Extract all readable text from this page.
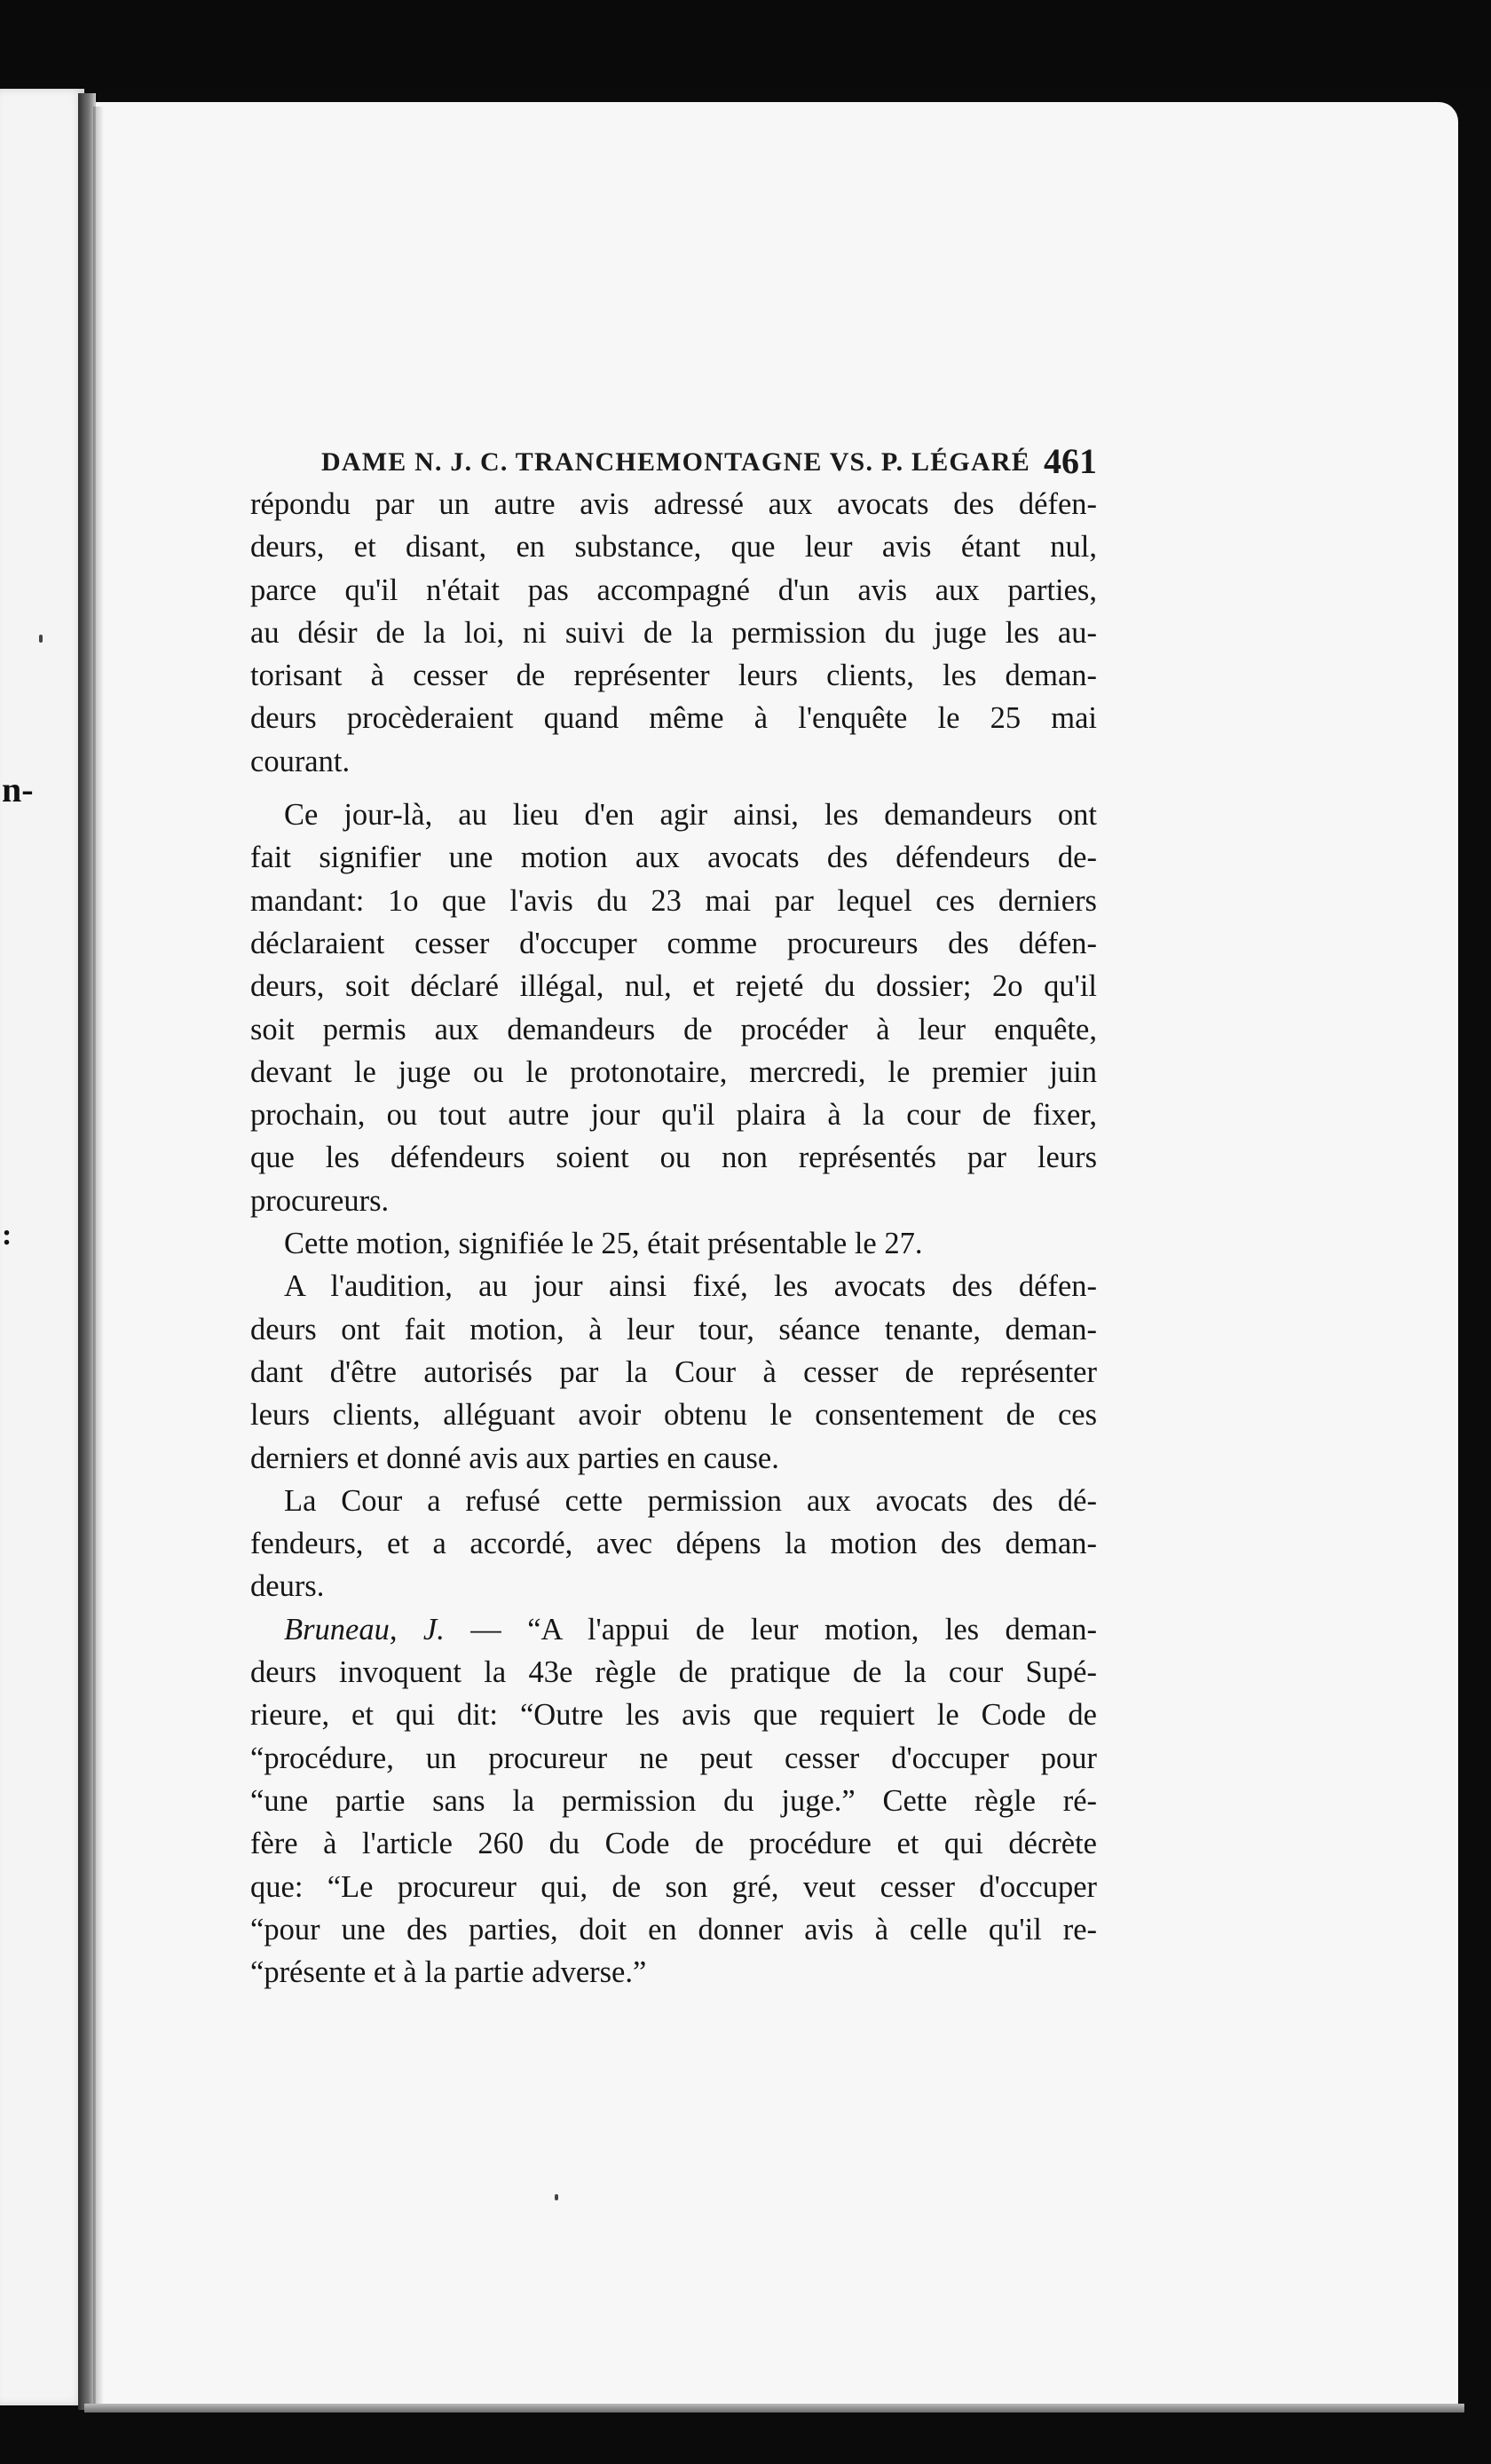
n-
:
DAME N. J. C. TRANCHEMONTAGNE VS. P. LÉGARÉ 461
répondu par un autre avis adressé aux avocats des défen-
deurs, et disant, en substance, que leur avis étant nul,
parce qu'il n'était pas accompagné d'un avis aux parties,
au désir de la loi, ni suivi de la permission du juge les au-
torisant à cesser de représenter leurs clients, les deman-
deurs procèderaient quand même à l'enquête le 25 mai
courant.
Ce jour-là, au lieu d'en agir ainsi, les demandeurs ont
fait signifier une motion aux avocats des défendeurs de-
mandant: 1o que l'avis du 23 mai par lequel ces derniers
déclaraient cesser d'occuper comme procureurs des défen-
deurs, soit déclaré illégal, nul, et rejeté du dossier; 2o qu'il
soit permis aux demandeurs de procéder à leur enquête,
devant le juge ou le protonotaire, mercredi, le premier juin
prochain, ou tout autre jour qu'il plaira à la cour de fixer,
que les défendeurs soient ou non représentés par leurs
procureurs.
Cette motion, signifiée le 25, était présentable le 27.
A l'audition, au jour ainsi fixé, les avocats des défen-
deurs ont fait motion, à leur tour, séance tenante, deman-
dant d'être autorisés par la Cour à cesser de représenter
leurs clients, alléguant avoir obtenu le consentement de ces
derniers et donné avis aux parties en cause.
La Cour a refusé cette permission aux avocats des dé-
fendeurs, et a accordé, avec dépens la motion des deman-
deurs.
Bruneau, J. — “A l'appui de leur motion, les deman-
deurs invoquent la 43e règle de pratique de la cour Supé-
rieure, et qui dit: “Outre les avis que requiert le Code de
“procédure, un procureur ne peut cesser d'occuper pour
“une partie sans la permission du juge.” Cette règle ré-
fère à l'article 260 du Code de procédure et qui décrète
que: “Le procureur qui, de son gré, veut cesser d'occuper
“pour une des parties, doit en donner avis à celle qu'il re-
“présente et à la partie adverse.”
